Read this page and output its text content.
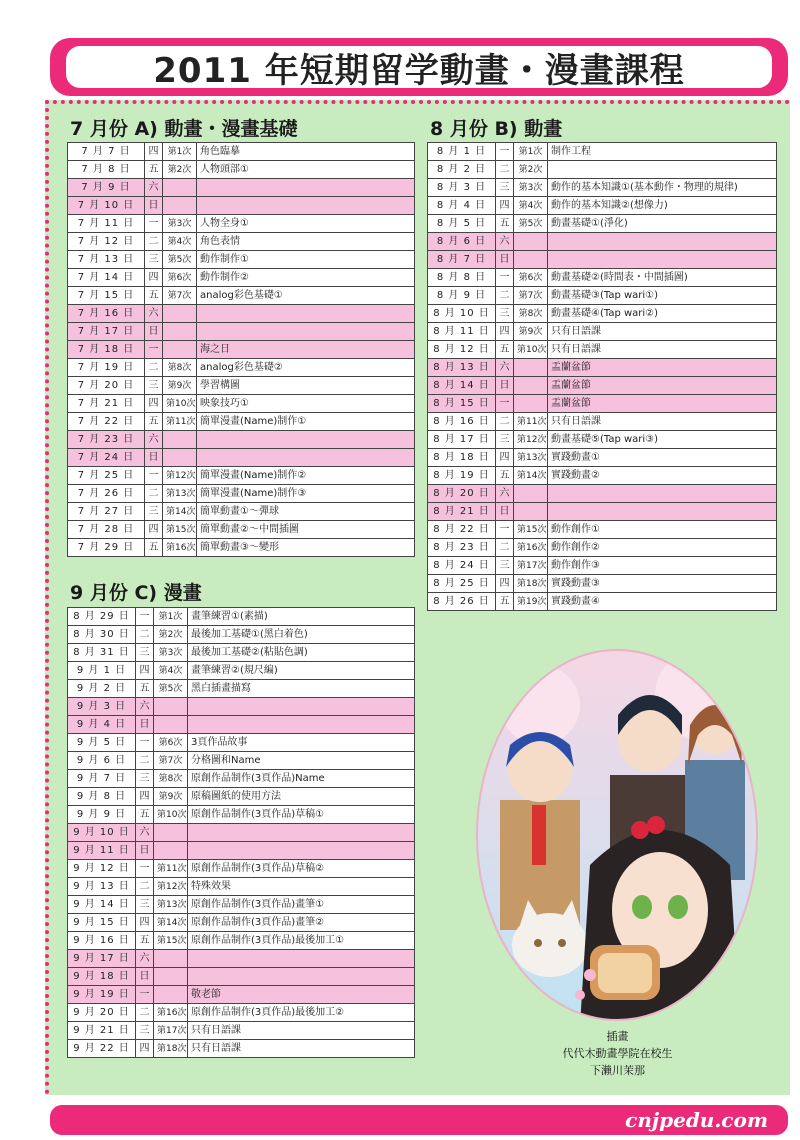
2011 年短期留学動畫・漫畫課程
7 月份 A) 動畫・漫畫基礎
7 月 7 日	四	第1次	角色臨摹
7 月 8 日	五	第2次	人物頭部①
7 月 9 日	六		
7 月 10 日	日		
7 月 11 日	一	第3次	人物全身①
7 月 12 日	二	第4次	角色表情
7 月 13 日	三	第5次	動作制作①
7 月 14 日	四	第6次	動作制作②
7 月 15 日	五	第7次	analog彩色基礎①
7 月 16 日	六		
7 月 17 日	日		
7 月 18 日	一		海之日
7 月 19 日	二	第8次	analog彩色基礎②
7 月 20 日	三	第9次	學習構圖
7 月 21 日	四	第10次	映象技巧①
7 月 22 日	五	第11次	簡單漫畫(Name)制作①
7 月 23 日	六		
7 月 24 日	日		
7 月 25 日	一	第12次	簡單漫畫(Name)制作②
7 月 26 日	二	第13次	簡單漫畫(Name)制作③
7 月 27 日	三	第14次	簡單動畫①～彈球
7 月 28 日	四	第15次	簡單動畫②～中間插圖
7 月 29 日	五	第16次	簡單動畫③～變形
8 月份 B) 動畫
8 月 1 日	一	第1次	制作工程
8 月 2 日	二	第2次	
8 月 3 日	三	第3次	動作的基本知識①(基本動作・物理的規律)
8 月 4 日	四	第4次	動作的基本知識②(想像力)
8 月 5 日	五	第5次	動畫基礎①(淨化)
8 月 6 日	六		
8 月 7 日	日		
8 月 8 日	一	第6次	動畫基礎②(時間表・中間插圖)
8 月 9 日	二	第7次	動畫基礎③(Tap wari①)
8 月 10 日	三	第8次	動畫基礎④(Tap wari②)
8 月 11 日	四	第9次	只有日語課
8 月 12 日	五	第10次	只有日語課
8 月 13 日	六		盂蘭盆節
8 月 14 日	日		盂蘭盆節
8 月 15 日	一		盂蘭盆節
8 月 16 日	二	第11次	只有日語課
8 月 17 日	三	第12次	動畫基礎⑤(Tap wari③)
8 月 18 日	四	第13次	實踐動畫①
8 月 19 日	五	第14次	實踐動畫②
8 月 20 日	六		
8 月 21 日	日		
8 月 22 日	一	第15次	動作創作①
8 月 23 日	二	第16次	動作創作②
8 月 24 日	三	第17次	動作創作③
8 月 25 日	四	第18次	實踐動畫③
8 月 26 日	五	第19次	實踐動畫④
9 月份 C) 漫畫
8 月 29 日	一	第1次	畫筆練習①(素描)
8 月 30 日	二	第2次	最後加工基礎①(黑白着色)
8 月 31 日	三	第3次	最後加工基礎②(粘貼色調)
9 月 1 日	四	第4次	畫筆練習②(規尺編)
9 月 2 日	五	第5次	黑白插畫描寫
9 月 3 日	六		
9 月 4 日	日		
9 月 5 日	一	第6次	3頁作品故事
9 月 6 日	二	第7次	分格圖和Name
9 月 7 日	三	第8次	原創作品制作(3頁作品)Name
9 月 8 日	四	第9次	原稿圖紙的使用方法
9 月 9 日	五	第10次	原創作品制作(3頁作品)草稿①
9 月 10 日	六		
9 月 11 日	日		
9 月 12 日	一	第11次	原創作品制作(3頁作品)草稿②
9 月 13 日	二	第12次	特殊效果
9 月 14 日	三	第13次	原創作品制作(3頁作品)畫筆①
9 月 15 日	四	第14次	原創作品制作(3頁作品)畫筆②
9 月 16 日	五	第15次	原創作品制作(3頁作品)最後加工①
9 月 17 日	六		
9 月 18 日	日		
9 月 19 日	一		敬老節
9 月 20 日	二	第16次	原創作品制作(3頁作品)最後加工②
9 月 21 日	三	第17次	只有日語課
9 月 22 日	四	第18次	只有日語課
插畫
代代木動畫學院在校生
下瀨川茉那
cnjpedu.com
